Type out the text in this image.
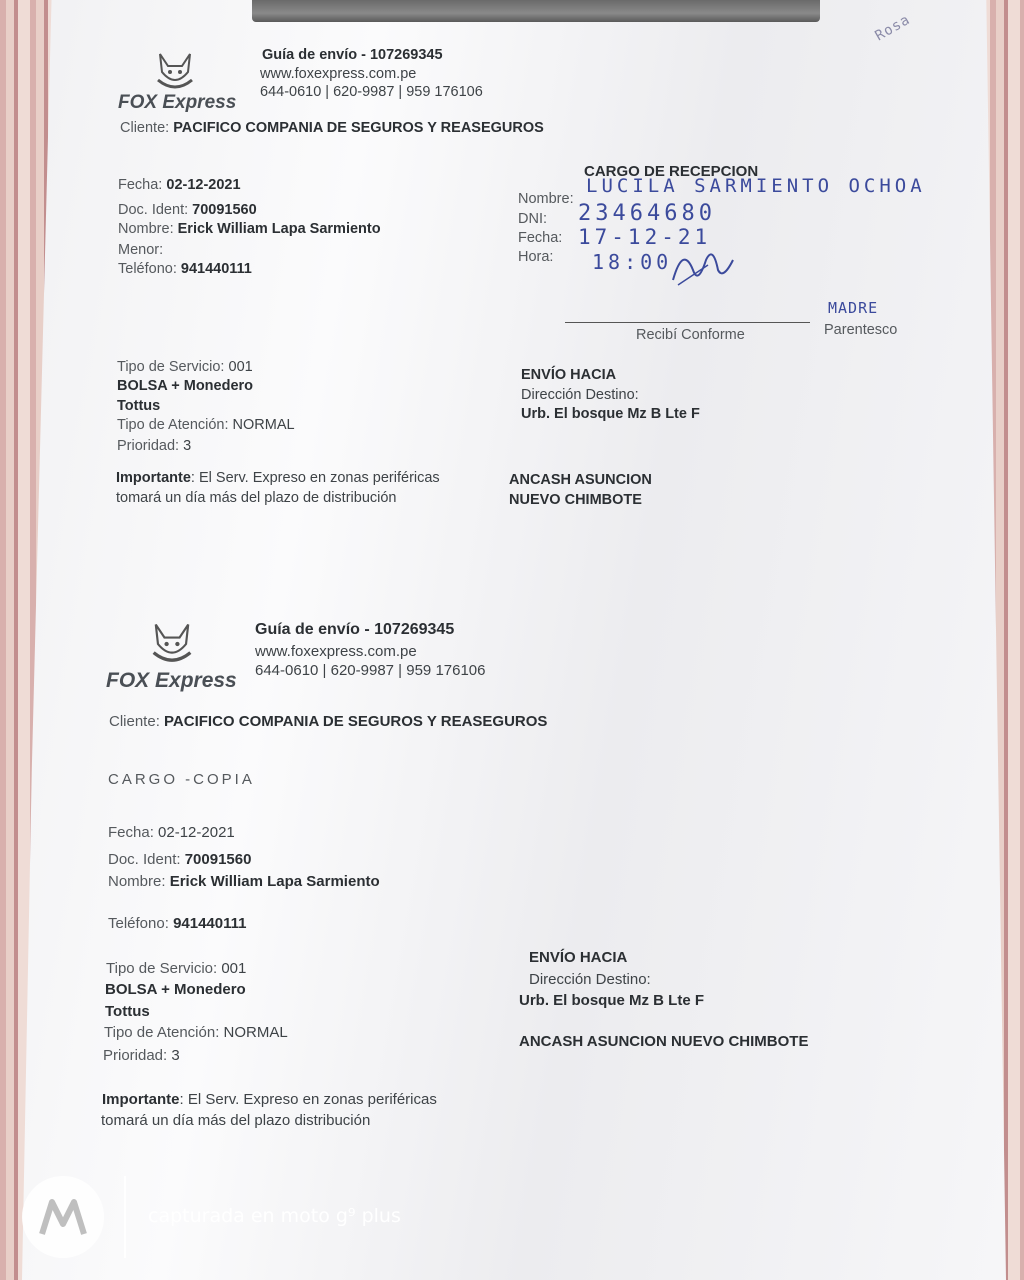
FOX Express
Guía de envío - 107269345
www.foxexpress.com.pe
644-0610 | 620-9987 | 959 176106
Cliente: PACIFICO COMPANIA DE SEGUROS Y REASEGUROS
Fecha: 02-12-2021
Doc. Ident: 70091560
Nombre: Erick William Lapa Sarmiento
Menor:
Teléfono: 941440111
CARGO DE RECEPCION
Nombre:
LUCILA SARMIENTO OCHOA
DNI: 23464680
Fecha: 17-12-21
Hora: 18:00
Recibí Conforme
MADRE
Parentesco
Rosa
Tipo de Servicio: 001
BOLSA + Monedero
Tottus
Tipo de Atención: NORMAL
Prioridad: 3
ENVÍO HACIA
Dirección Destino:
Urb. El bosque Mz B Lte F
Importante: El Serv. Expreso en zonas periféricas
tomará un día más del plazo de distribución
ANCASH ASUNCION
NUEVO CHIMBOTE
FOX Express
Guía de envío - 107269345
www.foxexpress.com.pe
644-0610 | 620-9987 | 959 176106
Cliente: PACIFICO COMPANIA DE SEGUROS Y REASEGUROS
CARGO -COPIA
Fecha: 02-12-2021
Doc. Ident: 70091560
Nombre: Erick William Lapa Sarmiento
Teléfono: 941440111
Tipo de Servicio: 001
BOLSA + Monedero
Tottus
Tipo de Atención: NORMAL
Prioridad: 3
ENVÍO HACIA
Dirección Destino:
Urb. El bosque Mz B Lte F
ANCASH ASUNCION NUEVO CHIMBOTE
Importante: El Serv. Expreso en zonas periféricas
tomará un día más del plazo distribución
capturada en moto g⁹ plus
